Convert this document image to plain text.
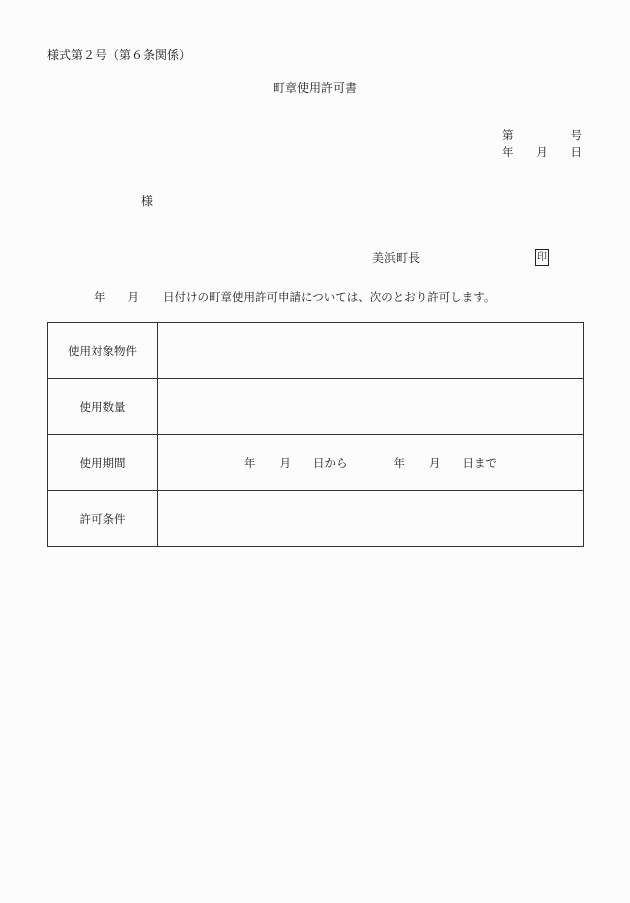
様式第２号（第６条関係）
町章使用許可書
第	号
年 月 日
様
美浜町長	印
年 月 日付けの町章使用許可申請については、次のとおり許可します。
使用対象物件	
使用数量	
使用期間	年 月 日から 年 月 日まで
許可条件	
